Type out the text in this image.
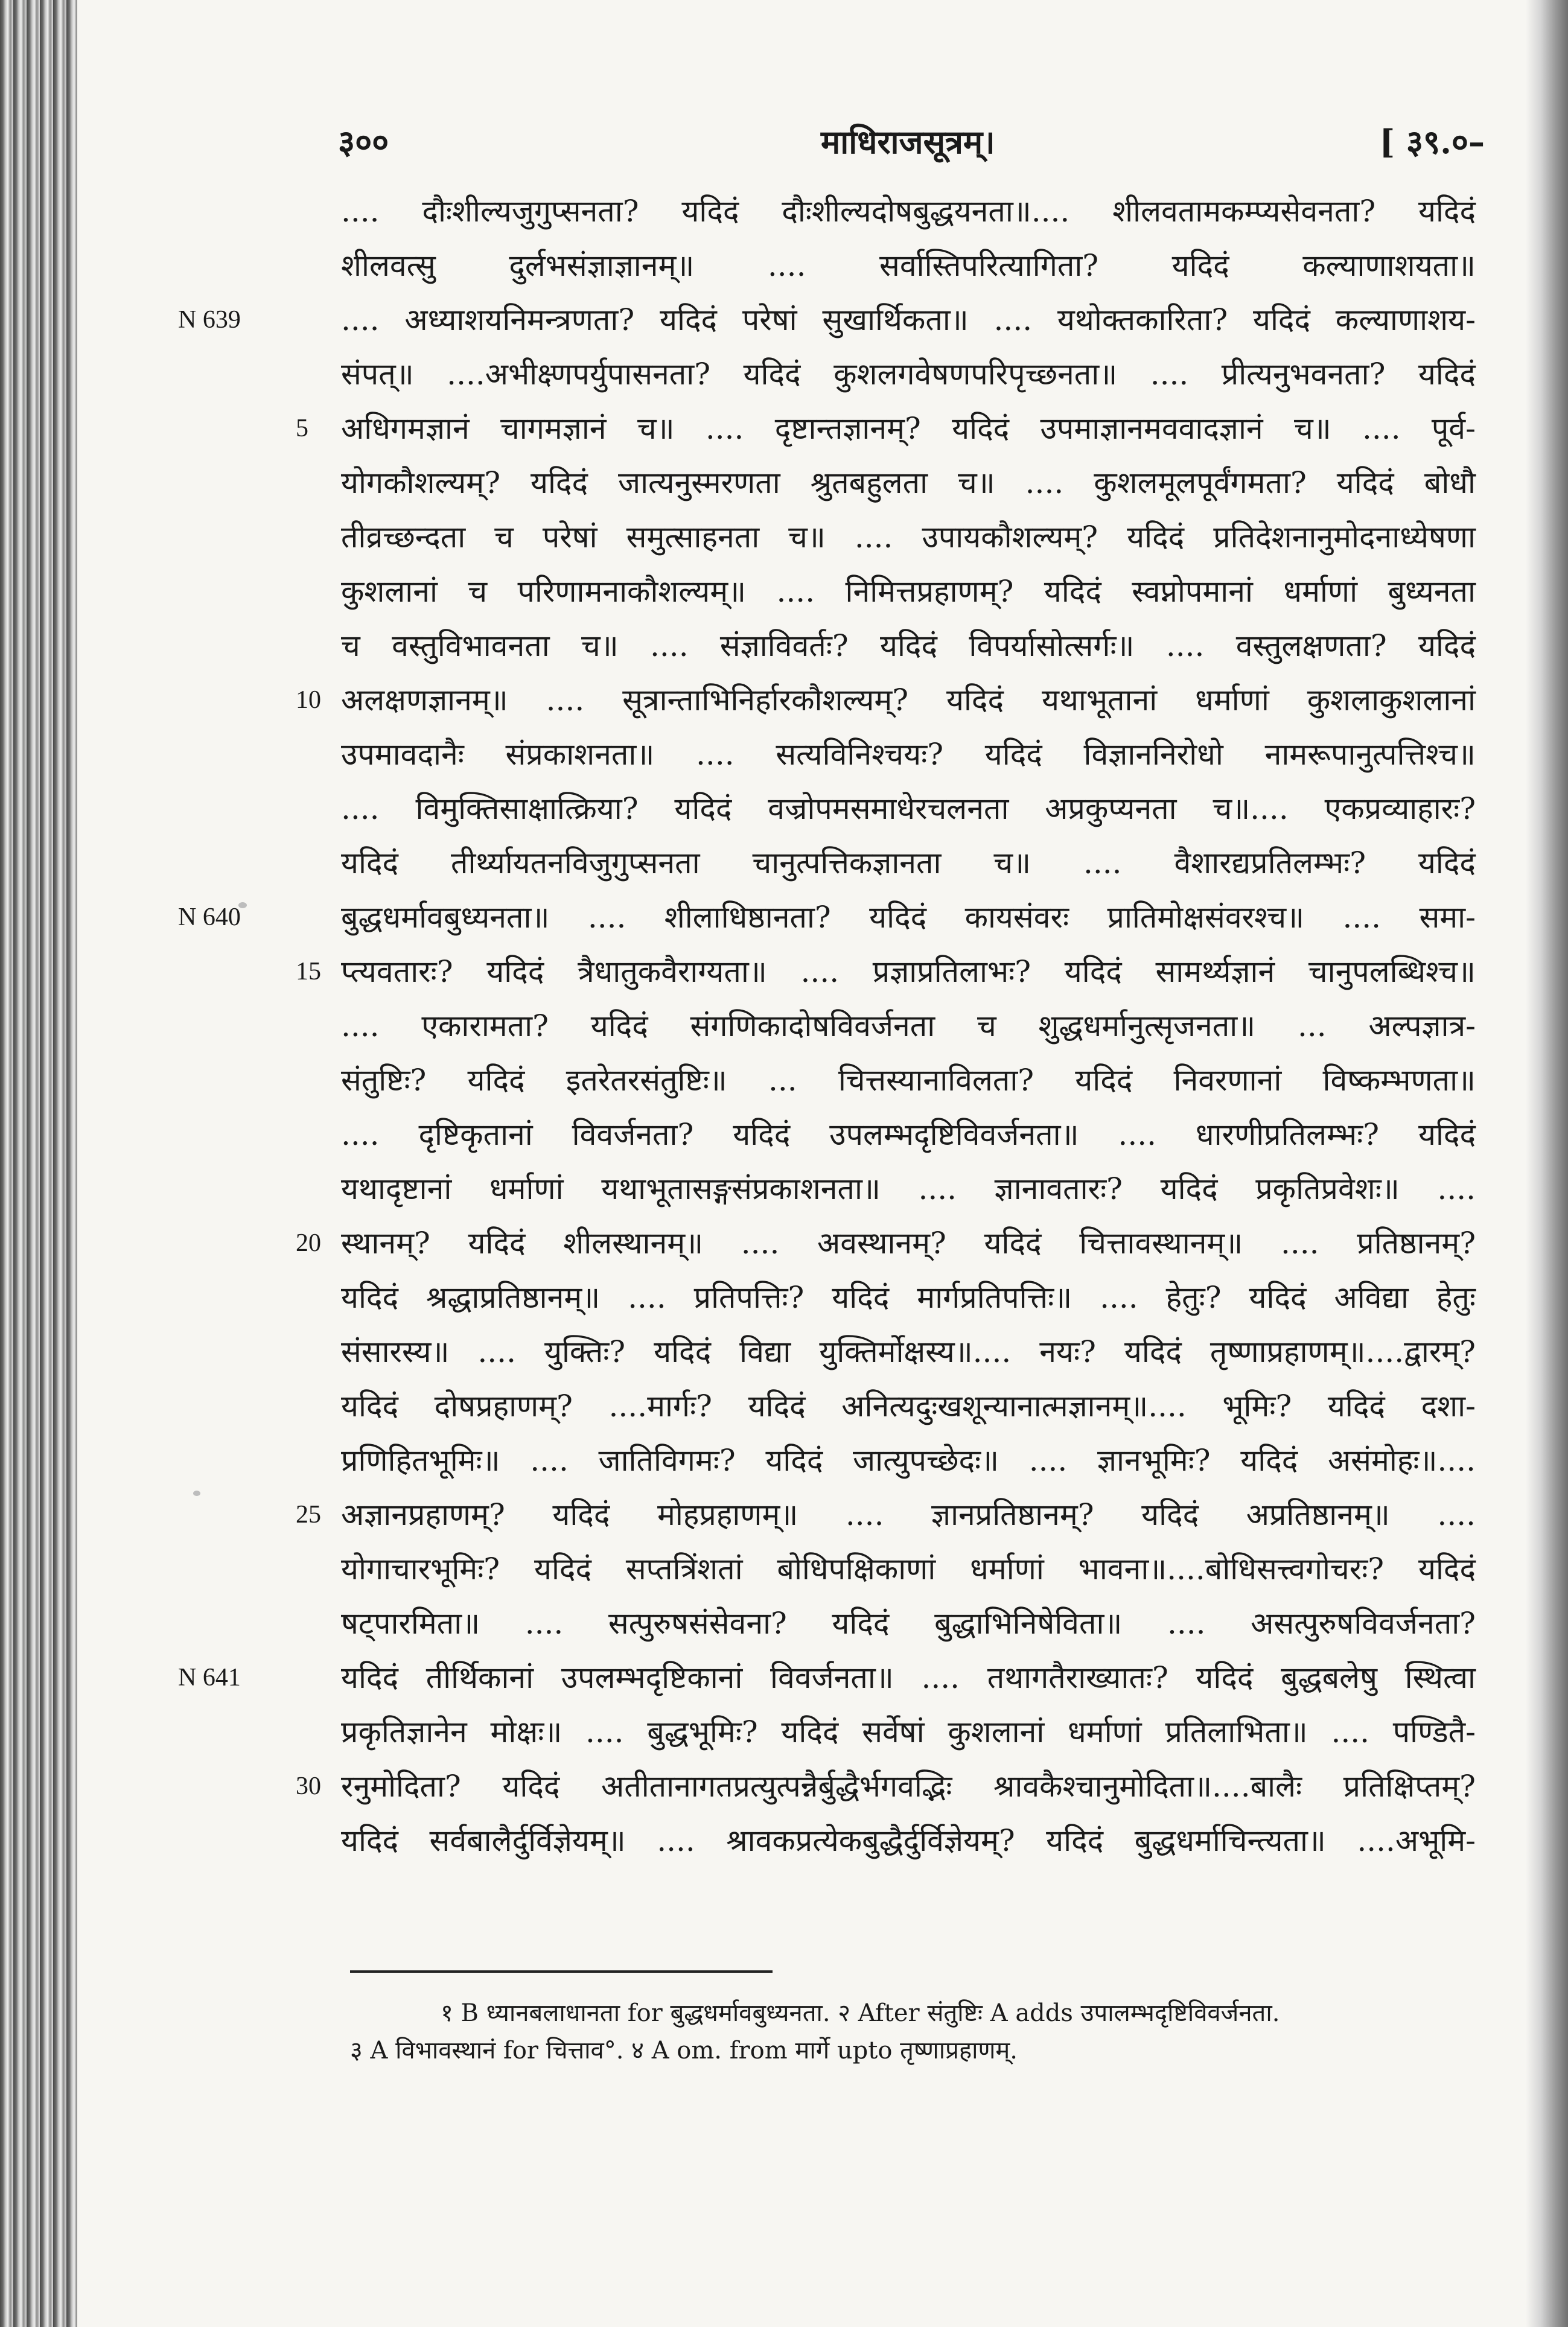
३००	माधिराजसूत्रम्।	[ ३९.०–
.... दौःशील्यजुगुप्सनता? यदिदं दौःशील्यदोषबुद्धयनता॥.... शीलवतामकम्प्यसेवनता? यदिदं
शीलवत्सु दुर्लभसंज्ञाज्ञानम्॥ .... सर्वास्तिपरित्यागिता? यदिदं कल्याणाशयता॥
N 639	.... अध्याशयनिमन्त्रणता? यदिदं परेषां सुखार्थिकता॥ .... यथोक्तकारिता? यदिदं कल्याणाशय-
संपत्॥ ....अभीक्ष्णपर्युपासनता? यदिदं कुशलगवेषणपरिपृच्छनता॥ .... प्रीत्यनुभवनता? यदिदं
5	अधिगमज्ञानं चागमज्ञानं च॥ .... दृष्टान्तज्ञानम्? यदिदं उपमाज्ञानमववादज्ञानं च॥ .... पूर्व-
योगकौशल्यम्? यदिदं जात्यनुस्मरणता श्रुतबहुलता च॥ .... कुशलमूलपूर्वंगमता? यदिदं बोधौ
तीव्रच्छन्दता च परेषां समुत्साहनता च॥ .... उपायकौशल्यम्? यदिदं प्रतिदेशनानुमोदनाध्येषणा
कुशलानां च परिणामनाकौशल्यम्॥ .... निमित्तप्रहाणम्? यदिदं स्वप्नोपमानां धर्माणां बुध्यनता
च वस्तुविभावनता च॥ .... संज्ञाविवर्तः? यदिदं विपर्यासोत्सर्गः॥ .... वस्तुलक्षणता? यदिदं
10 अलक्षणज्ञानम्॥ .... सूत्रान्ताभिनिर्हारकौशल्यम्? यदिदं यथाभूतानां धर्माणां कुशलाकुशलानां
उपमावदानैः संप्रकाशनता॥ .... सत्यविनिश्चयः? यदिदं विज्ञाननिरोधो नामरूपानुत्पत्तिश्च॥
.... विमुक्तिसाक्षात्क्रिया? यदिदं वज्रोपमसमाधेरचलनता अप्रकुप्यनता च॥.... एकप्रव्याहारः?
यदिदं तीर्थ्यायतनविजुगुप्सनता चानुत्पत्तिकज्ञानता च॥ .... वैशारद्यप्रतिलम्भः? यदिदं
N 640	बुद्धधर्मावबुध्यनता॥ .... शीलाधिष्ठानता? यदिदं कायसंवरः प्रातिमोक्षसंवरश्च॥ .... समा-
15 प्त्यवतारः? यदिदं त्रैधातुकवैराग्यता॥ .... प्रज्ञाप्रतिलाभः? यदिदं सामर्थ्यज्ञानं चानुपलब्धिश्च॥
.... एकारामता? यदिदं संगणिकादोषविवर्जनता च शुद्धधर्मानुत्सृजनता॥ ... अल्पज्ञात्र-
संतुष्टिः? यदिदं इतरेतरसंतुष्टिः॥ ... चित्तस्यानाविलता? यदिदं निवरणानां विष्कम्भणता॥
.... दृष्टिकृतानां विवर्जनता? यदिदं उपलम्भदृष्टिविवर्जनता॥ .... धारणीप्रतिलम्भः? यदिदं
यथादृष्टानां धर्माणां यथाभूतासङ्गसंप्रकाशनता॥ .... ज्ञानावतारः? यदिदं प्रकृतिप्रवेशः॥ ....
20 स्थानम्? यदिदं शीलस्थानम्॥ .... अवस्थानम्? यदिदं चित्तावस्थानम्॥ .... प्रतिष्ठानम्?
यदिदं श्रद्धाप्रतिष्ठानम्॥ .... प्रतिपत्तिः? यदिदं मार्गप्रतिपत्तिः॥ .... हेतुः? यदिदं अविद्या हेतुः
संसारस्य॥ .... युक्तिः? यदिदं विद्या युक्तिर्मोक्षस्य॥.... नयः? यदिदं तृष्णाप्रहाणम्॥....द्वारम्?
यदिदं दोषप्रहाणम्? ....मार्गः? यदिदं अनित्यदुःखशून्यानात्मज्ञानम्॥.... भूमिः? यदिदं दशा-
प्रणिहितभूमिः॥ .... जातिविगमः? यदिदं जात्युपच्छेदः॥ .... ज्ञानभूमिः? यदिदं असंमोहः॥....
25 अज्ञानप्रहाणम्? यदिदं मोहप्रहाणम्॥ .... ज्ञानप्रतिष्ठानम्? यदिदं अप्रतिष्ठानम्॥ ....
योगाचारभूमिः? यदिदं सप्तत्रिंशतां बोधिपक्षिकाणां धर्माणां भावना॥....बोधिसत्त्वगोचरः? यदिदं
षट्पारमिता॥ .... सत्पुरुषसंसेवना? यदिदं बुद्धाभिनिषेविता॥ .... असत्पुरुषविवर्जनता?
N 641	यदिदं तीर्थिकानां उपलम्भदृष्टिकानां विवर्जनता॥ .... तथागतैराख्यातः? यदिदं बुद्धबलेषु स्थित्वा
प्रकृतिज्ञानेन मोक्षः॥ .... बुद्धभूमिः? यदिदं सर्वेषां कुशलानां धर्माणां प्रतिलाभिता॥ .... पण्डितै-
30 रनुमोदिता? यदिदं अतीतानागतप्रत्युत्पन्नैर्बुद्धैर्भगवद्भिः श्रावकैश्चानुमोदिता॥....बालैः प्रतिक्षिप्तम्?
यदिदं सर्वबालैर्दुर्विज्ञेयम्॥ .... श्रावकप्रत्येकबुद्धैर्दुर्विज्ञेयम्? यदिदं बुद्धधर्माचिन्त्यता॥ ....अभूमि-
१ B ध्यानबलाधानता for बुद्धधर्मावबुध्यनता. २ After संतुष्टिः A adds उपालम्भदृष्टिविवर्जनता.
३ A विभावस्थानं for चित्ताव°. ४ A om. from मार्गे upto तृष्णाप्रहाणम्.
